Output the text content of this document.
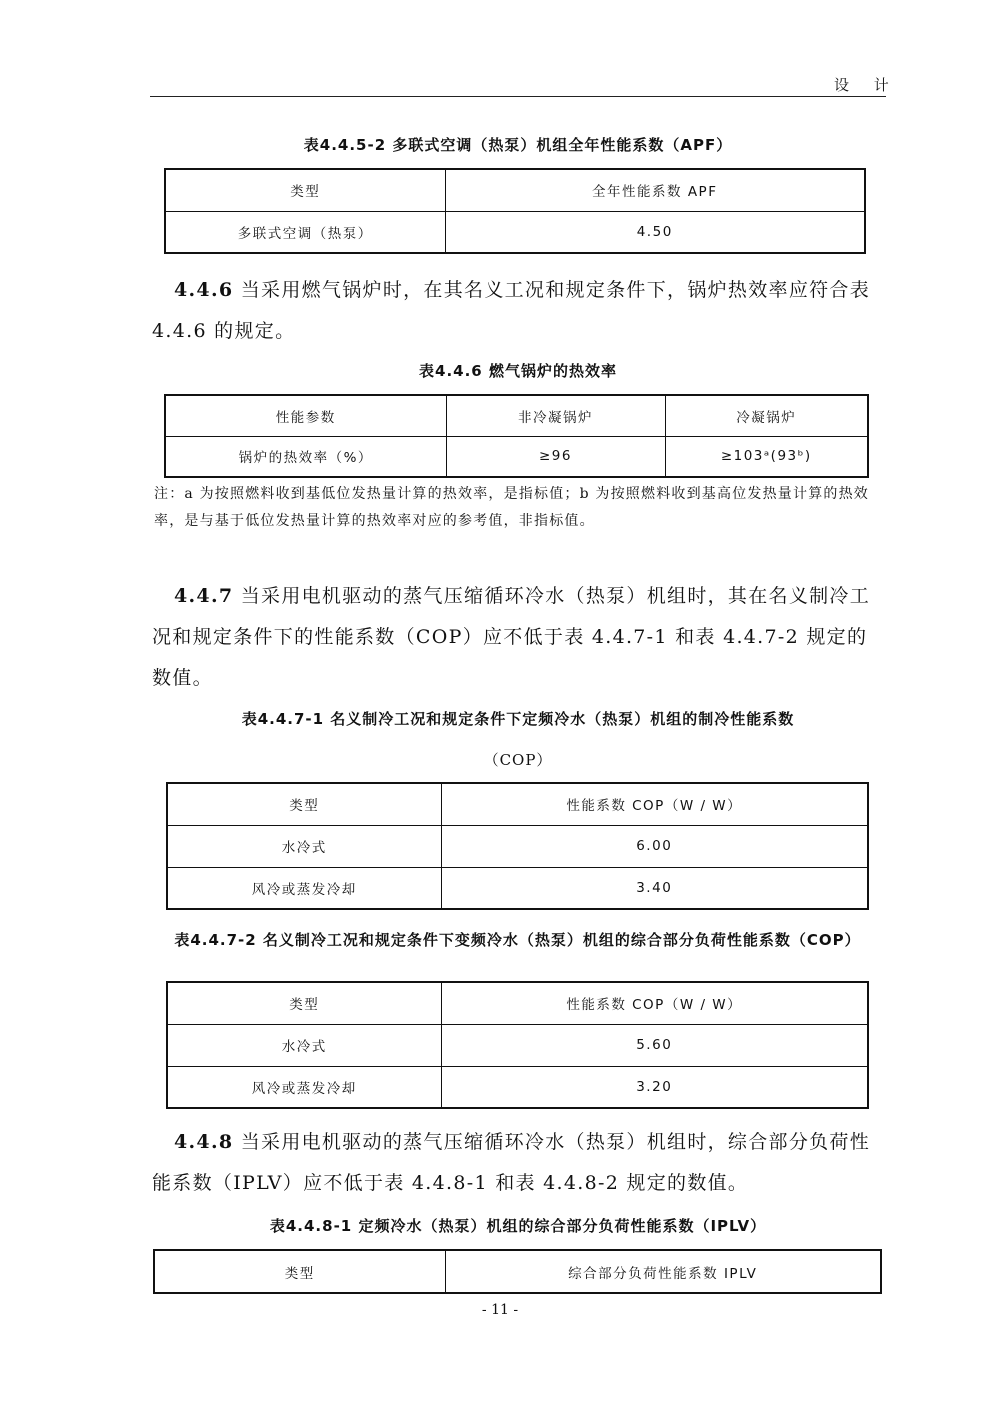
设 计

表4.4.5-2 多联式空调（热泵）机组全年性能系数（APF）

类型	全年性能系数 APF
多联式空调（热泵）	4.50

4.4.6 当采用燃气锅炉时，在其名义工况和规定条件下，锅炉热效率应符合表 4.4.6 的规定。

表4.4.6 燃气锅炉的热效率

性能参数	非冷凝锅炉	冷凝锅炉
锅炉的热效率（%）	≥96	≥103ᵃ(93ᵇ)

注：a 为按照燃料收到基低位发热量计算的热效率，是指标值；b 为按照燃料收到基高位发热量计算的热效率，是与基于低位发热量计算的热效率对应的参考值，非指标值。

4.4.7 当采用电机驱动的蒸气压缩循环冷水（热泵）机组时，其在名义制冷工况和规定条件下的性能系数（COP）应不低于表 4.4.7-1 和表 4.4.7-2 规定的数值。

表4.4.7-1 名义制冷工况和规定条件下定频冷水（热泵）机组的制冷性能系数

（COP）

类型	性能系数 COP（W / W）
水冷式	6.00
风冷或蒸发冷却	3.40

表4.4.7-2 名义制冷工况和规定条件下变频冷水（热泵）机组的综合部分负荷性能系数（COP）

类型	性能系数 COP（W / W）
水冷式	5.60
风冷或蒸发冷却	3.20

4.4.8 当采用电机驱动的蒸气压缩循环冷水（热泵）机组时，综合部分负荷性能系数（IPLV）应不低于表 4.4.8-1 和表 4.4.8-2 规定的数值。

表4.4.8-1 定频冷水（热泵）机组的综合部分负荷性能系数（IPLV）

类型	综合部分负荷性能系数 IPLV
- 11 -
